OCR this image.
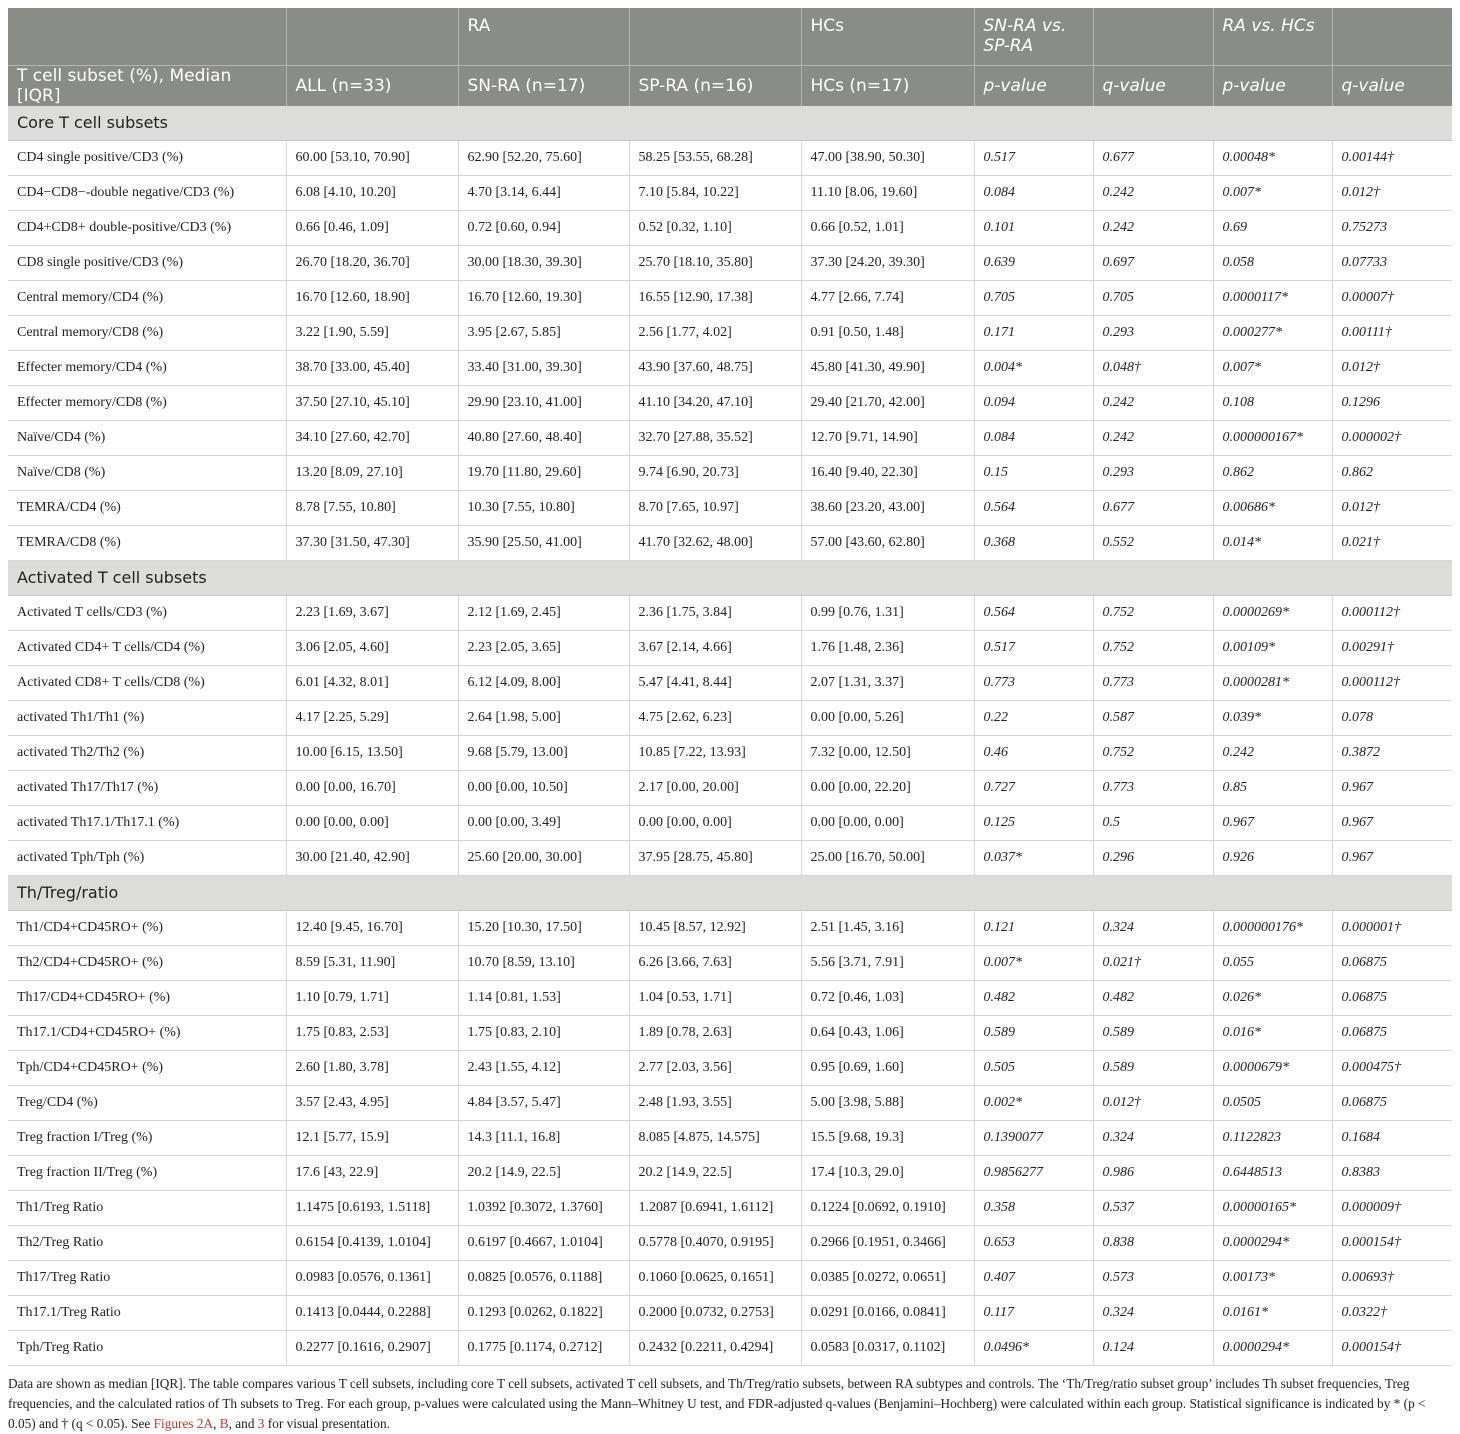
		RA		HCs	SN-RA vs. SP-RA		RA vs. HCs	
T cell subset (%), Median [IQR]	ALL (n=33)	SN-RA (n=17)	SP-RA (n=16)	HCs (n=17)	p-value	q-value	p-value	q-value
Core T cell subsets								
CD4 single positive/CD3 (%)	60.00 [53.10, 70.90]	62.90 [52.20, 75.60]	58.25 [53.55, 68.28]	47.00 [38.90, 50.30]	0.517	0.677	0.00048*	0.00144†
CD4−CD8−-double negative/CD3 (%)	6.08 [4.10, 10.20]	4.70 [3.14, 6.44]	7.10 [5.84, 10.22]	11.10 [8.06, 19.60]	0.084	0.242	0.007*	0.012†
CD4+CD8+ double-positive/CD3 (%)	0.66 [0.46, 1.09]	0.72 [0.60, 0.94]	0.52 [0.32, 1.10]	0.66 [0.52, 1.01]	0.101	0.242	0.69	0.75273
CD8 single positive/CD3 (%)	26.70 [18.20, 36.70]	30.00 [18.30, 39.30]	25.70 [18.10, 35.80]	37.30 [24.20, 39.30]	0.639	0.697	0.058	0.07733
Central memory/CD4 (%)	16.70 [12.60, 18.90]	16.70 [12.60, 19.30]	16.55 [12.90, 17.38]	4.77 [2.66, 7.74]	0.705	0.705	0.0000117*	0.00007†
Central memory/CD8 (%)	3.22 [1.90, 5.59]	3.95 [2.67, 5.85]	2.56 [1.77, 4.02]	0.91 [0.50, 1.48]	0.171	0.293	0.000277*	0.00111†
Effecter memory/CD4 (%)	38.70 [33.00, 45.40]	33.40 [31.00, 39.30]	43.90 [37.60, 48.75]	45.80 [41.30, 49.90]	0.004*	0.048†	0.007*	0.012†
Effecter memory/CD8 (%)	37.50 [27.10, 45.10]	29.90 [23.10, 41.00]	41.10 [34.20, 47.10]	29.40 [21.70, 42.00]	0.094	0.242	0.108	0.1296
Naïve/CD4 (%)	34.10 [27.60, 42.70]	40.80 [27.60, 48.40]	32.70 [27.88, 35.52]	12.70 [9.71, 14.90]	0.084	0.242	0.000000167*	0.000002†
Naïve/CD8 (%)	13.20 [8.09, 27.10]	19.70 [11.80, 29.60]	9.74 [6.90, 20.73]	16.40 [9.40, 22.30]	0.15	0.293	0.862	0.862
TEMRA/CD4 (%)	8.78 [7.55, 10.80]	10.30 [7.55, 10.80]	8.70 [7.65, 10.97]	38.60 [23.20, 43.00]	0.564	0.677	0.00686*	0.012†
TEMRA/CD8 (%)	37.30 [31.50, 47.30]	35.90 [25.50, 41.00]	41.70 [32.62, 48.00]	57.00 [43.60, 62.80]	0.368	0.552	0.014*	0.021†
Activated T cell subsets								
Activated T cells/CD3 (%)	2.23 [1.69, 3.67]	2.12 [1.69, 2.45]	2.36 [1.75, 3.84]	0.99 [0.76, 1.31]	0.564	0.752	0.0000269*	0.000112†
Activated CD4+ T cells/CD4 (%)	3.06 [2.05, 4.60]	2.23 [2.05, 3.65]	3.67 [2.14, 4.66]	1.76 [1.48, 2.36]	0.517	0.752	0.00109*	0.00291†
Activated CD8+ T cells/CD8 (%)	6.01 [4.32, 8.01]	6.12 [4.09, 8.00]	5.47 [4.41, 8.44]	2.07 [1.31, 3.37]	0.773	0.773	0.0000281*	0.000112†
activated Th1/Th1 (%)	4.17 [2.25, 5.29]	2.64 [1.98, 5.00]	4.75 [2.62, 6.23]	0.00 [0.00, 5.26]	0.22	0.587	0.039*	0.078
activated Th2/Th2 (%)	10.00 [6.15, 13.50]	9.68 [5.79, 13.00]	10.85 [7.22, 13.93]	7.32 [0.00, 12.50]	0.46	0.752	0.242	0.3872
activated Th17/Th17 (%)	0.00 [0.00, 16.70]	0.00 [0.00, 10.50]	2.17 [0.00, 20.00]	0.00 [0.00, 22.20]	0.727	0.773	0.85	0.967
activated Th17.1/Th17.1 (%)	0.00 [0.00, 0.00]	0.00 [0.00, 3.49]	0.00 [0.00, 0.00]	0.00 [0.00, 0.00]	0.125	0.5	0.967	0.967
activated Tph/Tph (%)	30.00 [21.40, 42.90]	25.60 [20.00, 30.00]	37.95 [28.75, 45.80]	25.00 [16.70, 50.00]	0.037*	0.296	0.926	0.967
Th/Treg/ratio								
Th1/CD4+CD45RO+ (%)	12.40 [9.45, 16.70]	15.20 [10.30, 17.50]	10.45 [8.57, 12.92]	2.51 [1.45, 3.16]	0.121	0.324	0.000000176*	0.000001†
Th2/CD4+CD45RO+ (%)	8.59 [5.31, 11.90]	10.70 [8.59, 13.10]	6.26 [3.66, 7.63]	5.56 [3.71, 7.91]	0.007*	0.021†	0.055	0.06875
Th17/CD4+CD45RO+ (%)	1.10 [0.79, 1.71]	1.14 [0.81, 1.53]	1.04 [0.53, 1.71]	0.72 [0.46, 1.03]	0.482	0.482	0.026*	0.06875
Th17.1/CD4+CD45RO+ (%)	1.75 [0.83, 2.53]	1.75 [0.83, 2.10]	1.89 [0.78, 2.63]	0.64 [0.43, 1.06]	0.589	0.589	0.016*	0.06875
Tph/CD4+CD45RO+ (%)	2.60 [1.80, 3.78]	2.43 [1.55, 4.12]	2.77 [2.03, 3.56]	0.95 [0.69, 1.60]	0.505	0.589	0.0000679*	0.000475†
Treg/CD4 (%)	3.57 [2.43, 4.95]	4.84 [3.57, 5.47]	2.48 [1.93, 3.55]	5.00 [3.98, 5.88]	0.002*	0.012†	0.0505	0.06875
Treg fraction I/Treg (%)	12.1 [5.77, 15.9]	14.3 [11.1, 16.8]	8.085 [4.875, 14.575]	15.5 [9.68, 19.3]	0.1390077	0.324	0.1122823	0.1684
Treg fraction II/Treg (%)	17.6 [43, 22.9]	20.2 [14.9, 22.5]	20.2 [14.9, 22.5]	17.4 [10.3, 29.0]	0.9856277	0.986	0.6448513	0.8383
Th1/Treg Ratio	1.1475 [0.6193, 1.5118]	1.0392 [0.3072, 1.3760]	1.2087 [0.6941, 1.6112]	0.1224 [0.0692, 0.1910]	0.358	0.537	0.00000165*	0.000009†
Th2/Treg Ratio	0.6154 [0.4139, 1.0104]	0.6197 [0.4667, 1.0104]	0.5778 [0.4070, 0.9195]	0.2966 [0.1951, 0.3466]	0.653	0.838	0.0000294*	0.000154†
Th17/Treg Ratio	0.0983 [0.0576, 0.1361]	0.0825 [0.0576, 0.1188]	0.1060 [0.0625, 0.1651]	0.0385 [0.0272, 0.0651]	0.407	0.573	0.00173*	0.00693†
Th17.1/Treg Ratio	0.1413 [0.0444, 0.2288]	0.1293 [0.0262, 0.1822]	0.2000 [0.0732, 0.2753]	0.0291 [0.0166, 0.0841]	0.117	0.324	0.0161*	0.0322†
Tph/Treg Ratio	0.2277 [0.1616, 0.2907]	0.1775 [0.1174, 0.2712]	0.2432 [0.2211, 0.4294]	0.0583 [0.0317, 0.1102]	0.0496*	0.124	0.0000294*	0.000154†
Data are shown as median [IQR]. The table compares various T cell subsets, including core T cell subsets, activated T cell subsets, and Th/Treg/ratio subsets, between RA subtypes and controls. The ‘Th/Treg/ratio subset group’ includes Th subset frequencies, Treg frequencies, and the calculated ratios of Th subsets to Treg. For each group, p-values were calculated using the Mann–Whitney U test, and FDR-adjusted q-values (Benjamini–Hochberg) were calculated within each group. Statistical significance is indicated by * (p < 0.05) and † (q < 0.05). See Figures 2A, B, and 3 for visual presentation.
